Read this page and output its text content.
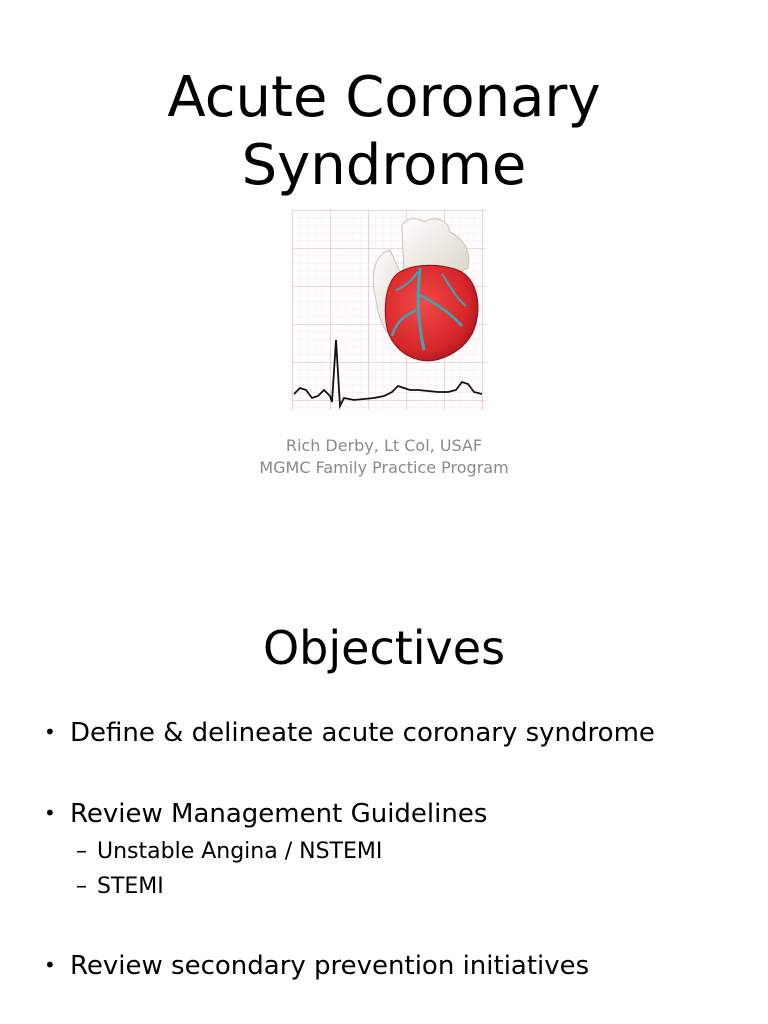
Acute Coronary
Syndrome
Rich Derby, Lt Col, USAF
MGMC Family Practice Program
Objectives
• Define & delineate acute coronary syndrome
• Review Management Guidelines
– Unstable Angina / NSTEMI
– STEMI
• Review secondary prevention initiatives
